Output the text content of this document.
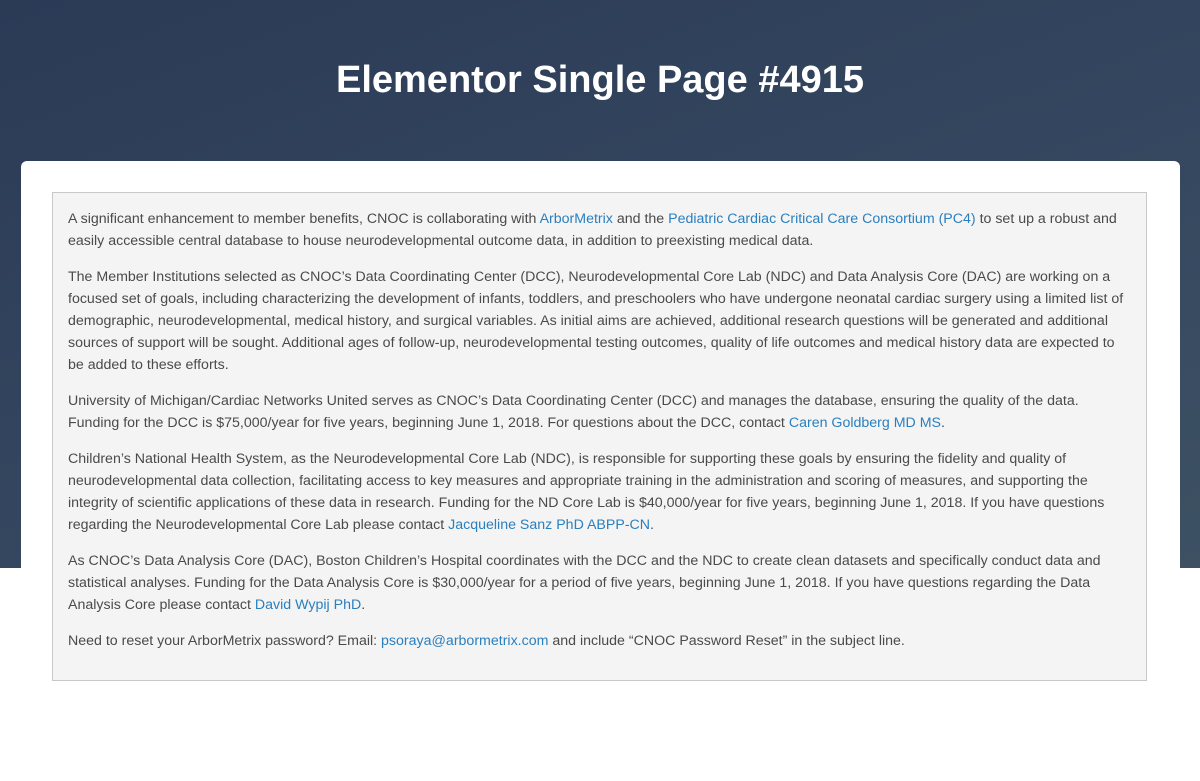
Elementor Single Page #4915

A significant enhancement to member benefits, CNOC is collaborating with ArborMetrix and the Pediatric Cardiac Critical Care Consortium (PC4) to set up a robust and easily accessible central database to house neurodevelopmental outcome data, in addition to preexisting medical data.

The Member Institutions selected as CNOC’s Data Coordinating Center (DCC), Neurodevelopmental Core Lab (NDC) and Data Analysis Core (DAC) are working on a focused set of goals, including characterizing the development of infants, toddlers, and preschoolers who have undergone neonatal cardiac surgery using a limited list of demographic, neurodevelopmental, medical history, and surgical variables. As initial aims are achieved, additional research questions will be generated and additional sources of support will be sought. Additional ages of follow-up, neurodevelopmental testing outcomes, quality of life outcomes and medical history data are expected to be added to these efforts.

University of Michigan/Cardiac Networks United serves as CNOC’s Data Coordinating Center (DCC) and manages the database, ensuring the quality of the data. Funding for the DCC is $75,000/year for five years, beginning June 1, 2018. For questions about the DCC, contact Caren Goldberg MD MS.

Children’s National Health System, as the Neurodevelopmental Core Lab (NDC), is responsible for supporting these goals by ensuring the fidelity and quality of neurodevelopmental data collection, facilitating access to key measures and appropriate training in the administration and scoring of measures, and supporting the integrity of scientific applications of these data in research. Funding for the ND Core Lab is $40,000/year for five years, beginning June 1, 2018. If you have questions regarding the Neurodevelopmental Core Lab please contact Jacqueline Sanz PhD ABPP-CN.

As CNOC’s Data Analysis Core (DAC), Boston Children’s Hospital coordinates with the DCC and the NDC to create clean datasets and specifically conduct data and statistical analyses. Funding for the Data Analysis Core is $30,000/year for a period of five years, beginning June 1, 2018. If you have questions regarding the Data Analysis Core please contact David Wypij PhD.

Need to reset your ArborMetrix password? Email: psoraya@arbormetrix.com and include “CNOC Password Reset” in the subject line.
